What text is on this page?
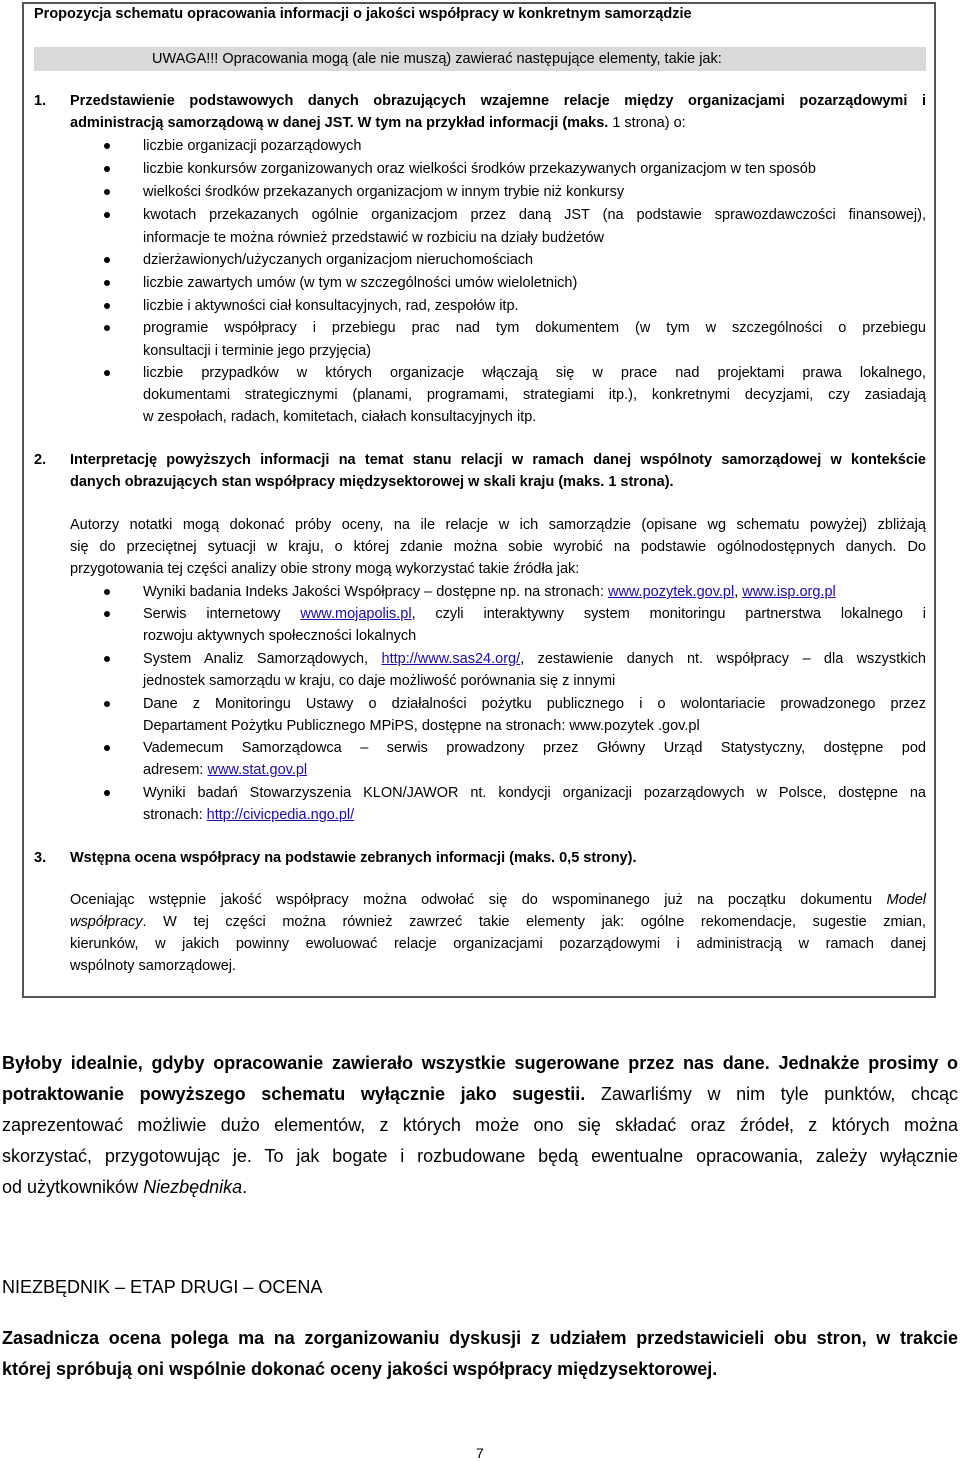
Propozycja schematu opracowania informacji o jakości współpracy w konkretnym samorządzie
UWAGA!!! Opracowania mogą (ale nie muszą) zawierać następujące elementy, takie jak:
1. Przedstawienie podstawowych danych obrazujących wzajemne relacje między organizacjami pozarządowymi i
administracją samorządową w danej JST. W tym na przykład informacji (maks. 1 strona) o:
liczbie organizacji pozarządowych
liczbie konkursów zorganizowanych oraz wielkości środków przekazywanych organizacjom w ten sposób
wielkości środków przekazanych organizacjom w innym trybie niż konkursy
kwotach przekazanych ogólnie organizacjom przez daną JST (na podstawie sprawozdawczości finansowej),
informacje te można również przedstawić w rozbiciu na działy budżetów
dzierżawionych/użyczanych organizacjom nieruchomościach
liczbie zawartych umów (w tym w szczególności umów wieloletnich)
liczbie i aktywności ciał konsultacyjnych, rad, zespołów itp.
programie współpracy i przebiegu prac nad tym dokumentem (w tym w szczególności o przebiegu
konsultacji i terminie jego przyjęcia)
liczbie przypadków w których organizacje włączają się w prace nad projektami prawa lokalnego,
dokumentami strategicznymi (planami, programami, strategiami itp.), konkretnymi decyzjami, czy zasiadają
w zespołach, radach, komitetach, ciałach konsultacyjnych itp.
2. Interpretację powyższych informacji na temat stanu relacji w ramach danej wspólnoty samorządowej w kontekście
danych obrazujących stan współpracy międzysektorowej w skali kraju (maks. 1 strona).
Autorzy notatki mogą dokonać próby oceny, na ile relacje w ich samorządzie (opisane wg schematu powyżej) zbliżają
się do przeciętnej sytuacji w kraju, o której zdanie można sobie wyrobić na podstawie ogólnodostępnych danych. Do
przygotowania tej części analizy obie strony mogą wykorzystać takie źródła jak:
Wyniki badania Indeks Jakości Współpracy – dostępne np. na stronach: www.pozytek.gov.pl, www.isp.org.pl
Serwis internetowy www.mojapolis.pl, czyli interaktywny system monitoringu partnerstwa lokalnego i
rozwoju aktywnych społeczności lokalnych
System Analiz Samorządowych, http://www.sas24.org/, zestawienie danych nt. współpracy – dla wszystkich
jednostek samorządu w kraju, co daje możliwość porównania się z innymi
Dane z Monitoringu Ustawy o działalności pożytku publicznego i o wolontariacie prowadzonego przez
Departament Pożytku Publicznego MPiPS, dostępne na stronach: www.pozytek .gov.pl
Vademecum Samorządowca – serwis prowadzony przez Główny Urząd Statystyczny, dostępne pod
adresem: www.stat.gov.pl
Wyniki badań Stowarzyszenia KLON/JAWOR nt. kondycji organizacji pozarządowych w Polsce, dostępne na
stronach: http://civicpedia.ngo.pl/
3. Wstępna ocena współpracy na podstawie zebranych informacji (maks. 0,5 strony).
Oceniając wstępnie jakość współpracy można odwołać się do wspominanego już na początku dokumentu Model
współpracy. W tej części można również zawrzeć takie elementy jak: ogólne rekomendacje, sugestie zmian,
kierunków, w jakich powinny ewoluować relacje organizacjami pozarządowymi i administracją w ramach danej
wspólnoty samorządowej.
Byłoby idealnie, gdyby opracowanie zawierało wszystkie sugerowane przez nas dane. Jednakże prosimy o
potraktowanie powyższego schematu wyłącznie jako sugestii. Zawarliśmy w nim tyle punktów, chcąc
zaprezentować możliwie dużo elementów, z których może ono się składać oraz źródeł, z których można
skorzystać, przygotowując je. To jak bogate i rozbudowane będą ewentualne opracowania, zależy wyłącznie
od użytkowników Niezbędnika.
NIEZBĘDNIK – ETAP DRUGI – OCENA
Zasadnicza ocena polega ma na zorganizowaniu dyskusji z udziałem przedstawicieli obu stron, w trakcie
której spróbują oni wspólnie dokonać oceny jakości współpracy międzysektorowej.
7
